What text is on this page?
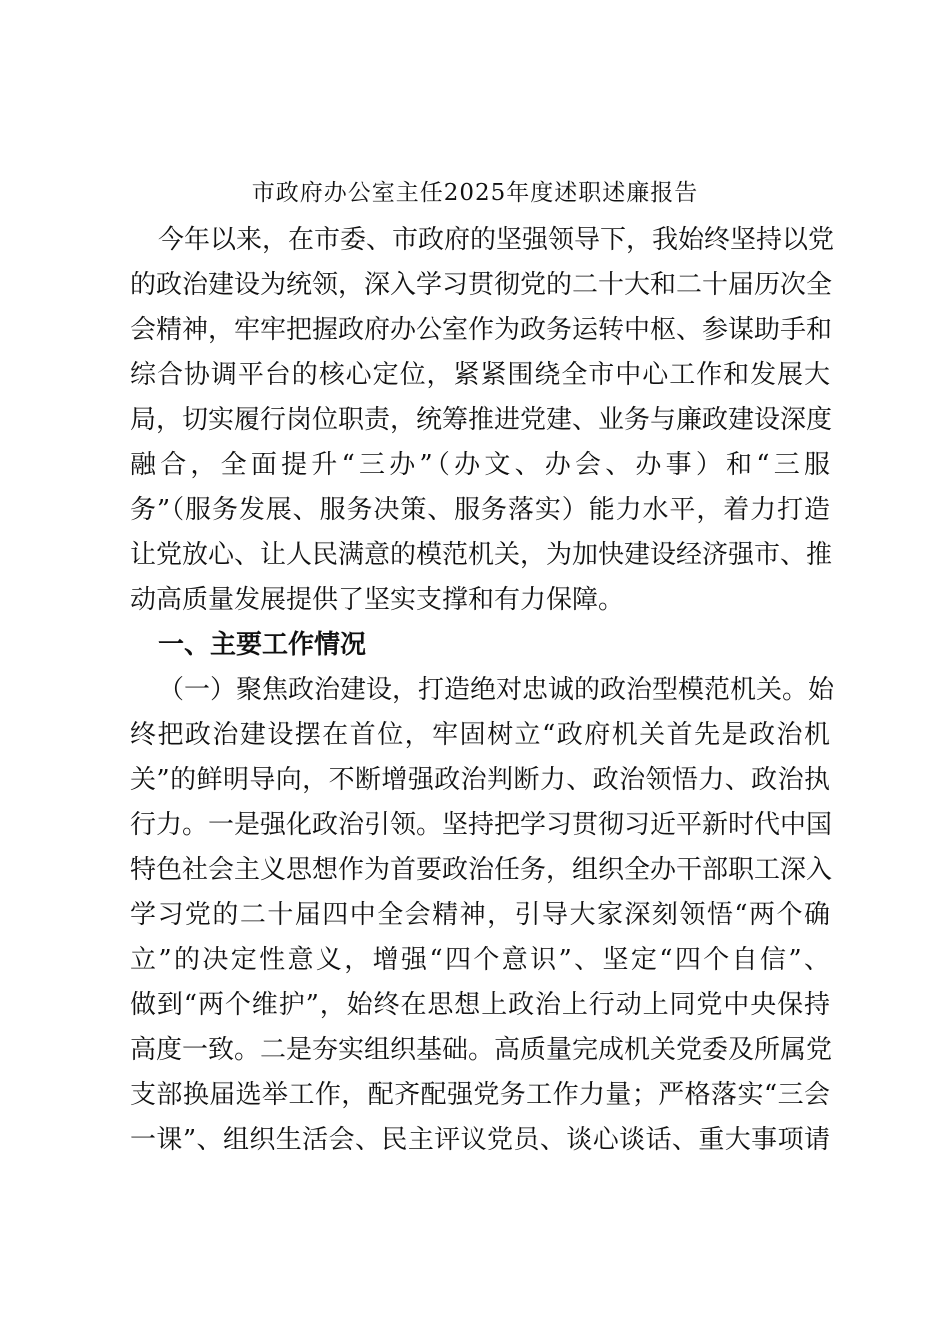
市政府办公室主任2025年度述职述廉报告
今年以来，在市委、市政府的坚强领导下，我始终坚持以党
的政治建设为统领，深入学习贯彻党的二十大和二十届历次全
会精神，牢牢把握政府办公室作为政务运转中枢、参谋助手和
综合协调平台的核心定位，紧紧围绕全市中心工作和发展大
局，切实履行岗位职责，统筹推进党建、业务与廉政建设深度
融合，全面提升“三办”（办文、办会、办事）和“三服
务”（服务发展、服务决策、服务落实）能力水平，着力打造
让党放心、让人民满意的模范机关，为加快建设经济强市、推
动高质量发展提供了坚实支撑和有力保障。
一、主要工作情况
（一）聚焦政治建设，打造绝对忠诚的政治型模范机关。始
终把政治建设摆在首位，牢固树立“政府机关首先是政治机
关”的鲜明导向，不断增强政治判断力、政治领悟力、政治执
行力。一是强化政治引领。坚持把学习贯彻习近平新时代中国
特色社会主义思想作为首要政治任务，组织全办干部职工深入
学习党的二十届四中全会精神，引导大家深刻领悟“两个确
立”的决定性意义，增强“四个意识”、坚定“四个自信”、
做到“两个维护”，始终在思想上政治上行动上同党中央保持
高度一致。二是夯实组织基础。高质量完成机关党委及所属党
支部换届选举工作，配齐配强党务工作力量；严格落实“三会
一课”、组织生活会、民主评议党员、谈心谈话、重大事项请
